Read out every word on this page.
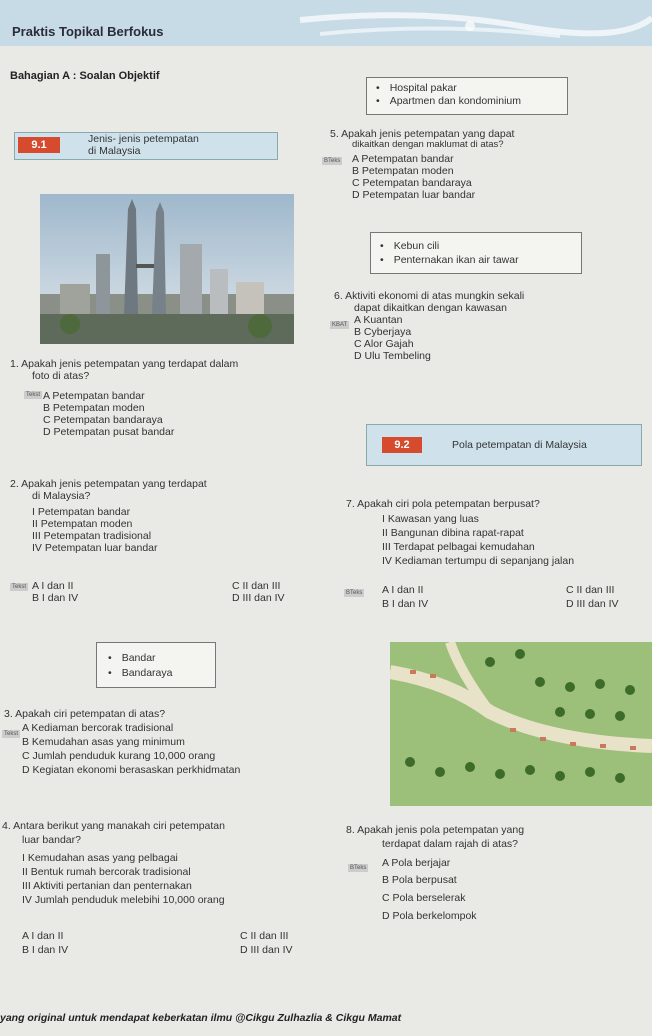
Praktis Topikal Berfokus
Bahagian A : Soalan Objektif
9.1	Jenis- jenis petempatan
di Malaysia
1. Apakah jenis petempatan yang terdapat dalam
foto di atas?
Tekst A Petempatan bandar
B Petempatan moden
C Petempatan bandaraya
D Petempatan pusat bandar
2. Apakah jenis petempatan yang terdapat
di Malaysia?
I Petempatan bandar
II Petempatan moden
III Petempatan tradisional
IV Petempatan luar bandar
Tekst A I dan II
B I dan IV
C II dan III
D III dan IV
• Bandar
• Bandaraya
3. Apakah ciri petempatan di atas?
Tekst A Kediaman bercorak tradisional
B Kemudahan asas yang minimum
C Jumlah penduduk kurang 10,000 orang
D Kegiatan ekonomi berasaskan perkhidmatan
4. Antara berikut yang manakah ciri petempatan
luar bandar?
I Kemudahan asas yang pelbagai
II Bentuk rumah bercorak tradisional
III Aktiviti pertanian dan penternakan
IV Jumlah penduduk melebihi 10,000 orang
A I dan II
B I dan IV
C II dan III
D III dan IV
• Hospital pakar
• Apartmen dan kondominium
5. Apakah jenis petempatan yang dapat
dikaitkan dengan maklumat di atas?
BTeks A Petempatan bandar
B Petempatan moden
C Petempatan bandaraya
D Petempatan luar bandar
• Kebun cili
• Penternakan ikan air tawar
6. Aktiviti ekonomi di atas mungkin sekali
dapat dikaitkan dengan kawasan
KBAT A Kuantan
B Cyberjaya
C Alor Gajah
D Ulu Tembeling
9.2	Pola petempatan di Malaysia
7. Apakah ciri pola petempatan berpusat?
I Kawasan yang luas
II Bangunan dibina rapat-rapat
III Terdapat pelbagai kemudahan
IV Kediaman tertumpu di sepanjang jalan
BTeks A I dan II
B I dan IV
C II dan III
D III dan IV
8. Apakah jenis pola petempatan yang
terdapat dalam rajah di atas?
BTeks A Pola berjajar
B Pola berpusat
C Pola berselerak
D Pola berkelompok
yang original untuk mendapat keberkatan ilmu @Cikgu Zulhazlia & Cikgu Mamat
